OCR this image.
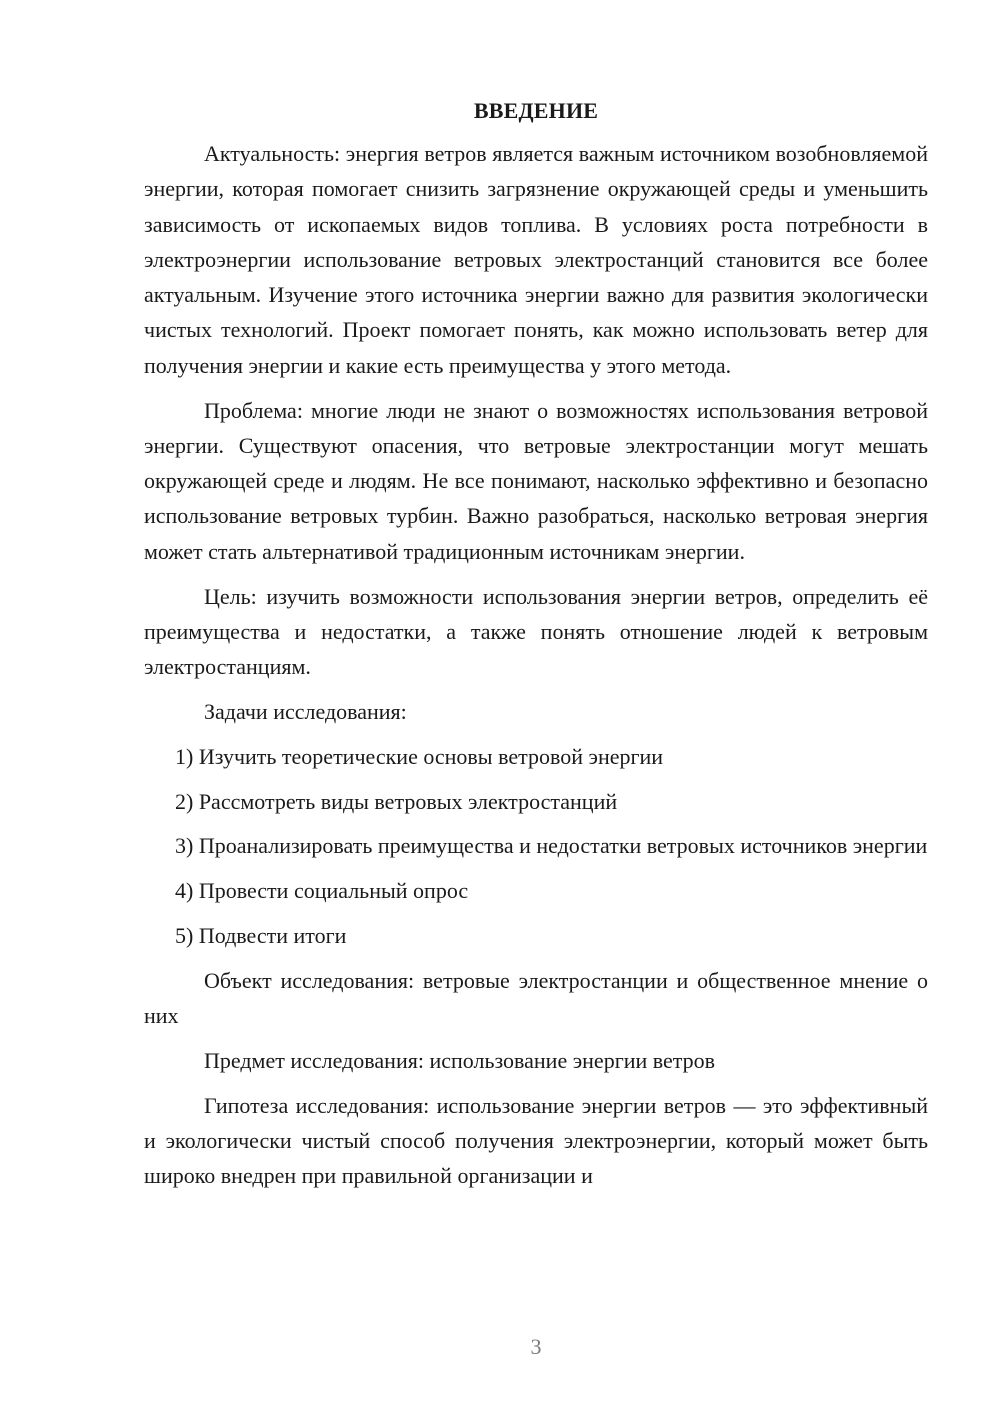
ВВЕДЕНИЕ

Актуальность: энергия ветров является важным источником возобновляемой энергии, которая помогает снизить загрязнение окружающей среды и уменьшить зависимость от ископаемых видов топлива. В условиях роста потребности в электроэнергии использование ветровых электростанций становится все более актуальным. Изучение этого источника энергии важно для развития экологически чистых технологий. Проект помогает понять, как можно использовать ветер для получения энергии и какие есть преимущества у этого метода.

Проблема: многие люди не знают о возможностях использования ветровой энергии. Существуют опасения, что ветровые электростанции могут мешать окружающей среде и людям. Не все понимают, насколько эффективно и безопасно использование ветровых турбин. Важно разобраться, насколько ветровая энергия может стать альтернативой традиционным источникам энергии.

Цель: изучить возможности использования энергии ветров, определить её преимущества и недостатки, а также понять отношение людей к ветровым электростанциям.

Задачи исследования:

1) Изучить теоретические основы ветровой энергии

2) Рассмотреть виды ветровых электростанций

3) Проанализировать преимущества и недостатки ветровых источников энергии

4) Провести социальный опрос

5) Подвести итоги

Объект исследования: ветровые электростанции и общественное мнение о них

Предмет исследования: использование энергии ветров

Гипотеза исследования: использование энергии ветров — это эффективный и экологически чистый способ получения электроэнергии, который может быть широко внедрен при правильной организации и

3
